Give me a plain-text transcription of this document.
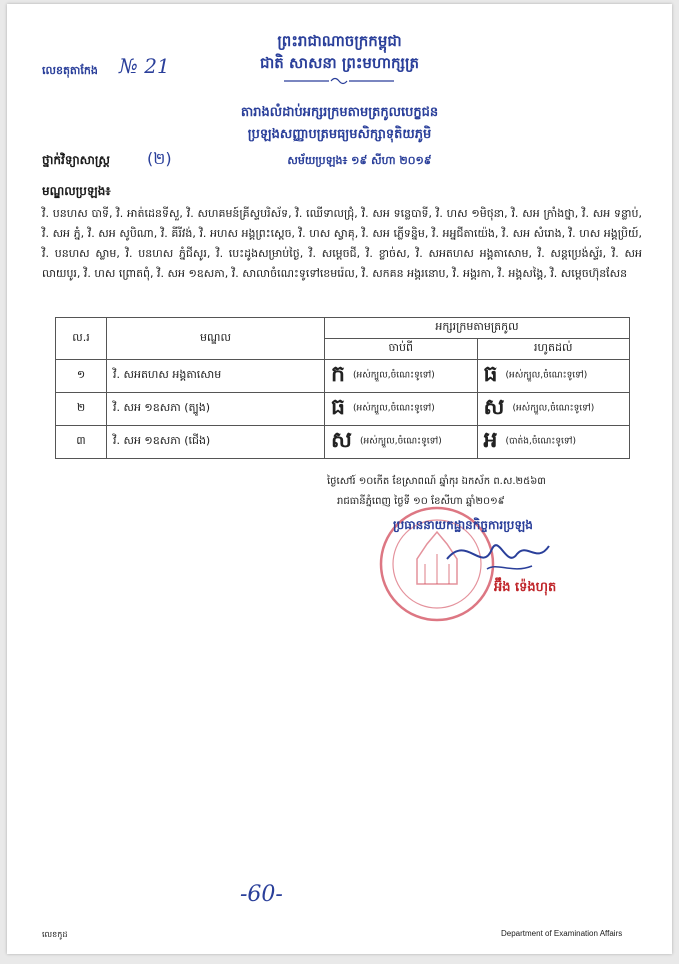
ព្រះរាជាណាចក្រកម្ពុជា
ជាតិ សាសនា ព្រះមហាក្សត្រ
លេខតុតាកែង № 21
តារាងលំដាប់អក្សរក្រមតាមត្រកូលបេក្ខជន
ប្រឡងសញ្ញាបត្រមធ្យមសិក្សាទុតិយភូមិ
សម័យប្រឡង៖ ១៩ សីហា ២០១៩
ថ្នាក់វិទ្យាសាស្ត្រ (២)
មណ្ឌលប្រឡង៖
វិ. បនហស បាទី, វិ. អាត់ដេនទីសួ, វិ. សហគមន៍គ្រីស្ទបរិស័ទ, វិ. ឈើទាលជ្រុំ, វិ. សអ ទន្លេបាទី, វិ. ហស ១មិថុនា, វិ. សអ ក្រាំងថ្នា, វិ. សអ ទន្លាប់, វិ. សអ ភ្នំ, វិ. សអ សូបិណា, វិ. គីរីវង់, វិ. អហស អង្គព្រះស្ដេច, វិ. ហស ស្វាគុ, វិ. សអ ភ្លើទន្និម, វិ. អអ្នជីតាយ៉េង, វិ. សអ សំរោង, វិ. ហស អង្គប្រិយ៍, វិ. បនហស ស្លាម, វិ. បនហស ភ្នំជីសូរ, វិ. បេះដូងសម្រាប់ថ្ងៃ, វិ. សម្ដេចជី, វិ. ខ្លាច់ស, វិ. សអតហស អង្គតាសោម, វិ. សន្តប្រេង់ស្ទ័រ, វិ. សអ លាយបូរ, វិ. ហស ព្រោតពុំ, វិ. សអ ១ឧសភា, វិ. សាលាចំណេះទូទៅខេមរ៉េល, វិ. សកគន អង្គរនោប, វិ. អង្គរកា, វិ. អង្គសង្គៃ, វិ. សម្ដេចហ៊ុនសែន
ល.រ	មណ្ឌល	អក្សរក្រមតាមត្រកូល	
		ចាប់ពី	រហូតដល់
១	វិ. សអតហស អង្គតាសោម	ក (អស់ក្បួល,ចំណេះទូទៅ)	ធ (អស់ក្បួល,ចំណេះទូទៅ)
២	វិ. សអ ១ឧសភា (ត្បូង)	ធ (អស់ក្បួល,ចំណេះទូទៅ)	ស (អស់ក្បួល,ចំណេះទូទៅ)
៣	វិ. សអ ១ឧសភា (ជើង)	ស (អស់ក្បួល,ចំណេះទូទៅ)	អ (បាត់ង,ចំណេះទូទៅ)
ថ្ងៃសៅរ៍ ១០កើត ខែស្រាពណ៍ ឆ្នាំកុរ ឯកស័ក ព.ស.២៥៦៣
រាជធានីភ្នំពេញ ថ្ងៃទី ១០ ខែសីហា ឆ្នាំ២០១៩
ប្រធាននាយកដ្ឋានកិច្ចការប្រឡង
អ៊ឹង ទ៉េងហុត
-60-
លេខកូដ	Department of Examination Affairs
